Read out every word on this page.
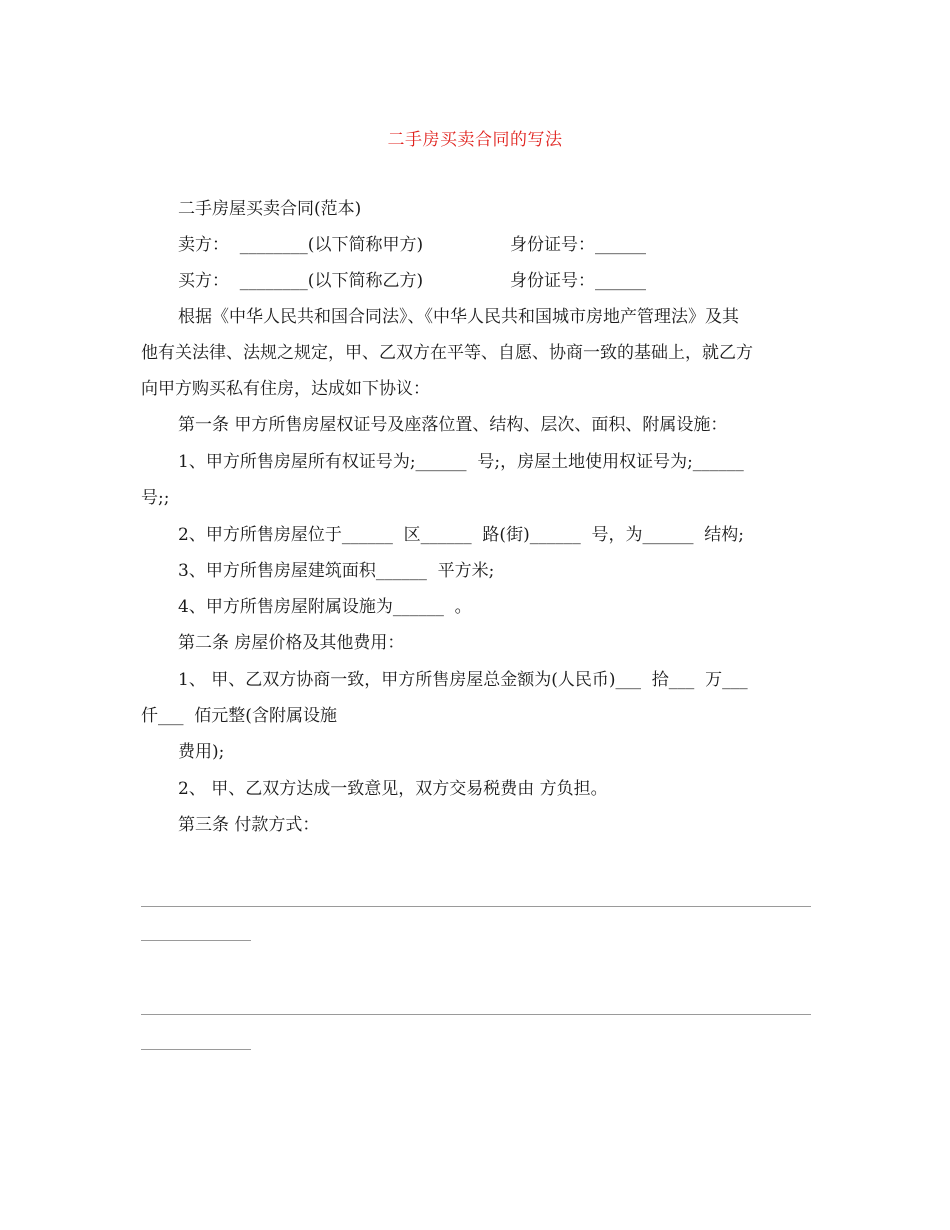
二手房买卖合同的写法
二手房屋买卖合同(范本)
卖方：  ________(以下简称甲方)	身份证号：______
买方：  ________(以下简称乙方)	身份证号：______
根据《中华人民共和国合同法》、《中华人民共和国城市房地产管理法》及其
他有关法律、法规之规定，甲、乙双方在平等、自愿、协商一致的基础上，就乙方
向甲方购买私有住房，达成如下协议：
第一条 甲方所售房屋权证号及座落位置、结构、层次、面积、附属设施：
1、甲方所售房屋所有权证号为;______  号;，房屋土地使用权证号为;______
号;;
2、甲方所售房屋位于______  区______  路(街)______  号，为______  结构;
3、甲方所售房屋建筑面积______  平方米;
4、甲方所售房屋附属设施为______  。
第二条 房屋价格及其他费用：
1、 甲、乙双方协商一致，甲方所售房屋总金额为(人民币)___  拾___  万___
仟___  佰元整(含附属设施
费用);
2、 甲、乙双方达成一致意见，双方交易税费由 方负担。
第三条 付款方式：
